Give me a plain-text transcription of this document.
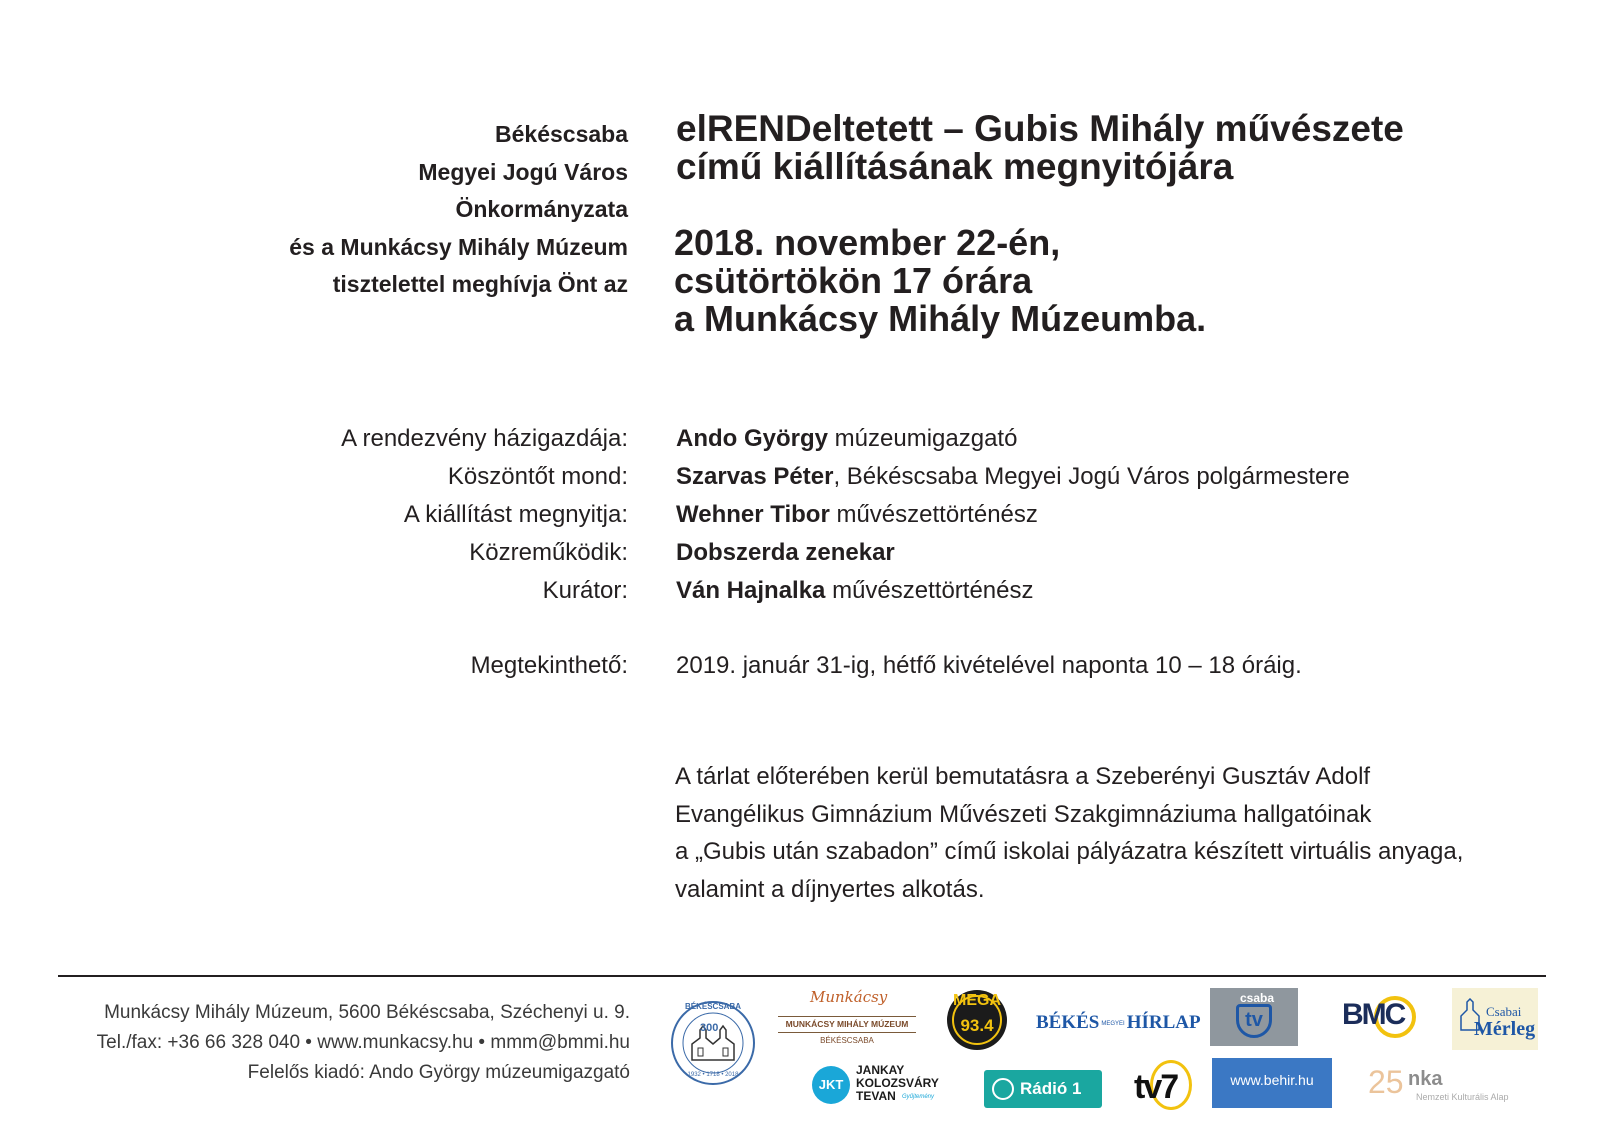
Békéscsaba
Megyei Jogú Város
Önkormányzata
és a Munkácsy Mihály Múzeum
tisztelettel meghívja Önt az
elRENDeltetett – Gubis Mihály művészete
című kiállításának megnyitójára
2018. november 22-én,
csütörtökön 17 órára
a Munkácsy Mihály Múzeumba.
A rendezvény házigazdája: Ando György múzeumigazgató
Köszöntőt mond: Szarvas Péter, Békéscsaba Megyei Jogú Város polgármestere
A kiállítást megnyitja: Wehner Tibor művészettörténész
Közreműködik: Dobszerda zenekar
Kurátor: Ván Hajnalka művészettörténész
Megtekinthető: 2019. január 31-ig, hétfő kivételével naponta 10 – 18 óráig.
A tárlat előterében kerül bemutatásra a Szeberényi Gusztáv Adolf
Evangélikus Gimnázium Művészeti Szakgimnáziuma hallgatóinak
a „Gubis után szabadon” című iskolai pályázatra készített virtuális anyaga,
valamint a díjnyertes alkotás.
Munkácsy Mihály Múzeum, 5600 Békéscsaba, Széchenyi u. 9.
Tel./fax: +36 66 328 040 • www.munkacsy.hu • mmm@bmmi.hu
Felelős kiadó: Ando György múzeumigazgató
BÉKÉSCSABA
300
1932 • 1718 • 2018
Munkácsy
MUNKÁCSY MIHÁLY MÚZEUM
BÉKÉSCSABA
MEGA
93.4	BÉKÉS MEGYEI HÍRLAP
csaba
tv	BMC	Csabai
Mérleg
JKT
JANKAY
KOLOZSVÁRY
TEVAN Gyűjtemény	Rádió 1 tv7	www.behir.hu	25 nka
Nemzeti Kulturális Alap
